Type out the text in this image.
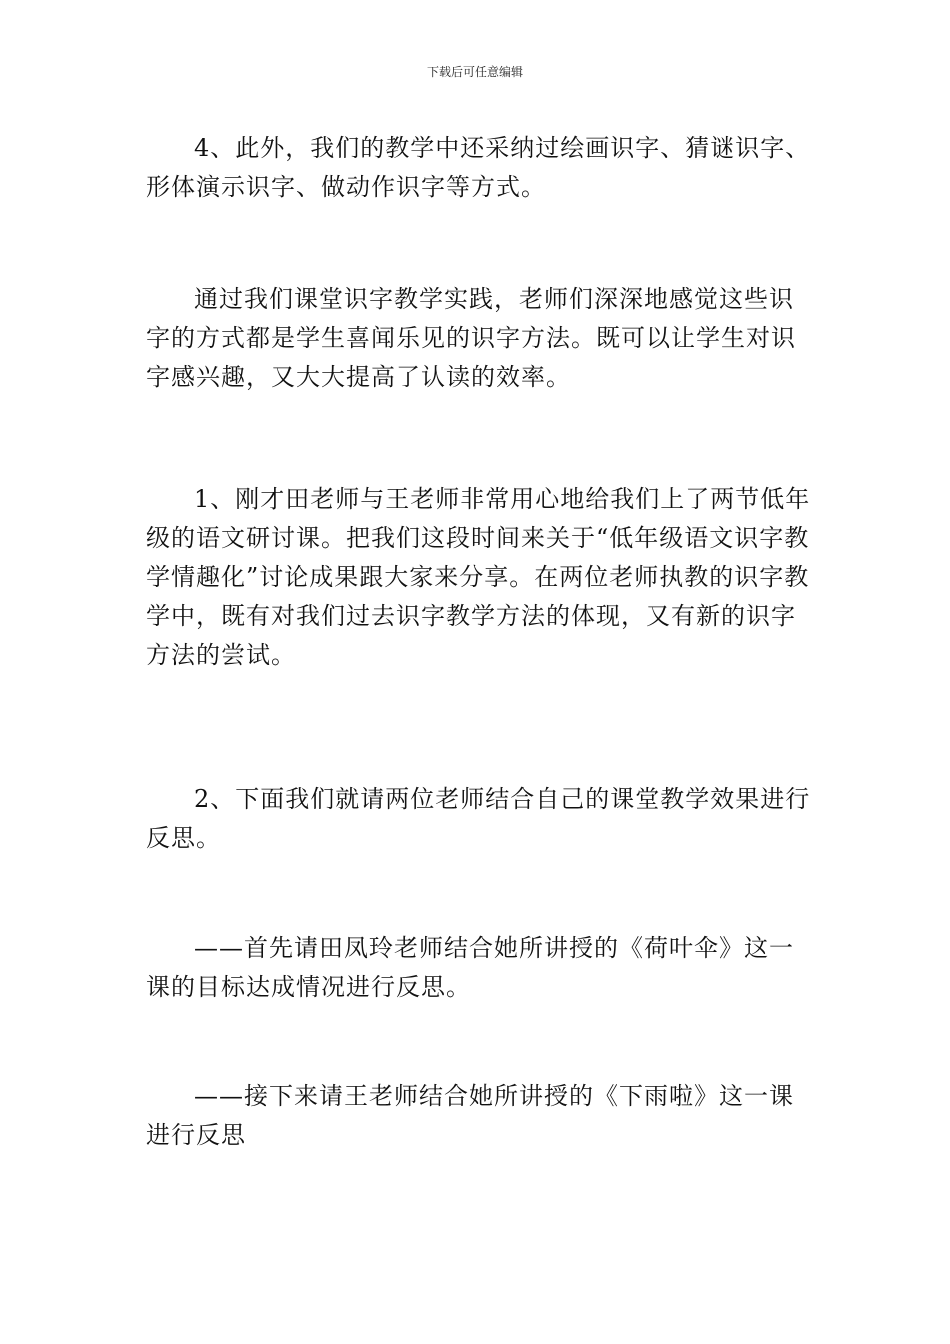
下载后可任意编辑

4、此外，我们的教学中还采纳过绘画识字、猜谜识字、形体演示识字、做动作识字等方式。

通过我们课堂识字教学实践，老师们深深地感觉这些识字的方式都是学生喜闻乐见的识字方法。既可以让学生对识字感兴趣，又大大提高了认读的效率。

1、刚才田老师与王老师非常用心地给我们上了两节低年级的语文研讨课。把我们这段时间来关于“低年级语文识字教学情趣化”讨论成果跟大家来分享。在两位老师执教的识字教学中，既有对我们过去识字教学方法的体现，又有新的识字方法的尝试。

2、下面我们就请两位老师结合自己的课堂教学效果进行反思。

——首先请田凤玲老师结合她所讲授的《荷叶伞》这一课的目标达成情况进行反思。

——接下来请王老师结合她所讲授的《下雨啦》这一课进行反思
